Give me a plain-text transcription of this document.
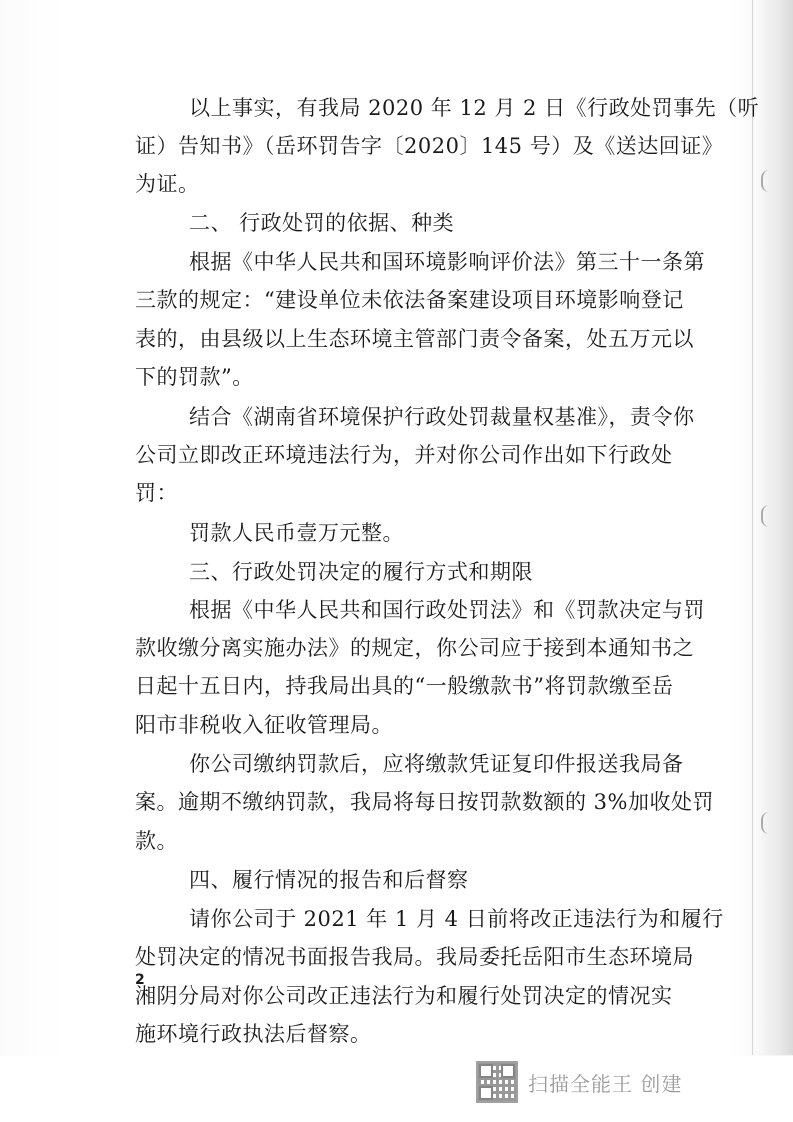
以上事实，有我局 2020 年 12 月 2 日《行政处罚事先（听
证）告知书》（岳环罚告字〔2020〕145 号）及《送达回证》
为证。
二、 行政处罚的依据、种类
根据《中华人民共和国环境影响评价法》第三十一条第
三款的规定：“建设单位未依法备案建设项目环境影响登记
表的，由县级以上生态环境主管部门责令备案，处五万元以
下的罚款”。
结合《湖南省环境保护行政处罚裁量权基准》，责令你
公司立即改正环境违法行为，并对你公司作出如下行政处
罚：
罚款人民币壹万元整。
三、行政处罚决定的履行方式和期限
根据《中华人民共和国行政处罚法》和《罚款决定与罚
款收缴分离实施办法》的规定，你公司应于接到本通知书之
日起十五日内，持我局出具的“一般缴款书”将罚款缴至岳
阳市非税收入征收管理局。
你公司缴纳罚款后，应将缴款凭证复印件报送我局备
案。逾期不缴纳罚款，我局将每日按罚款数额的 3%加收处罚
款。
四、履行情况的报告和后督察
请你公司于 2021 年 1 月 4 日前将改正违法行为和履行
处罚决定的情况书面报告我局。我局委托岳阳市生态环境局
湘阴分局对你公司改正违法行为和履行处罚决定的情况实
施环境行政执法后督察。
2
扫描全能王 创建
